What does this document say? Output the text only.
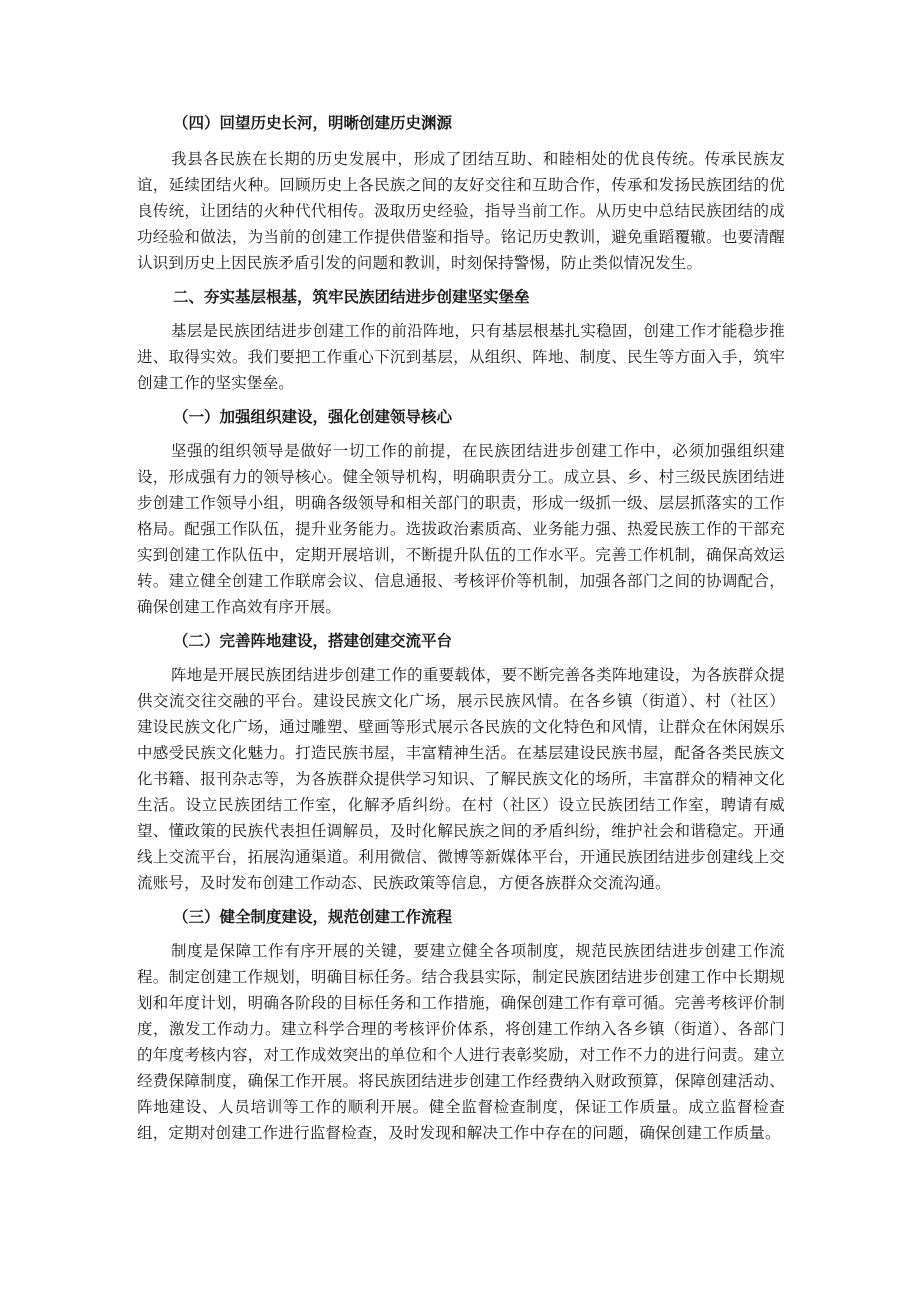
（四）回望历史长河，明晰创建历史渊源

我县各民族在长期的历史发展中，形成了团结互助、和睦相处的优良传统。传承民族友谊，延续团结火种。回顾历史上各民族之间的友好交往和互助合作，传承和发扬民族团结的优良传统，让团结的火种代代相传。汲取历史经验，指导当前工作。从历史中总结民族团结的成功经验和做法，为当前的创建工作提供借鉴和指导。铭记历史教训，避免重蹈覆辙。也要清醒认识到历史上因民族矛盾引发的问题和教训，时刻保持警惕，防止类似情况发生。

二、夯实基层根基，筑牢民族团结进步创建坚实堡垒

基层是民族团结进步创建工作的前沿阵地，只有基层根基扎实稳固，创建工作才能稳步推进、取得实效。我们要把工作重心下沉到基层，从组织、阵地、制度、民生等方面入手，筑牢创建工作的坚实堡垒。

（一）加强组织建设，强化创建领导核心

坚强的组织领导是做好一切工作的前提，在民族团结进步创建工作中，必须加强组织建设，形成强有力的领导核心。健全领导机构，明确职责分工。成立县、乡、村三级民族团结进步创建工作领导小组，明确各级领导和相关部门的职责，形成一级抓一级、层层抓落实的工作格局。配强工作队伍，提升业务能力。选拔政治素质高、业务能力强、热爱民族工作的干部充实到创建工作队伍中，定期开展培训，不断提升队伍的工作水平。完善工作机制，确保高效运转。建立健全创建工作联席会议、信息通报、考核评价等机制，加强各部门之间的协调配合，确保创建工作高效有序开展。

（二）完善阵地建设，搭建创建交流平台

阵地是开展民族团结进步创建工作的重要载体，要不断完善各类阵地建设，为各族群众提供交流交往交融的平台。建设民族文化广场，展示民族风情。在各乡镇（街道）、村（社区）建设民族文化广场，通过雕塑、壁画等形式展示各民族的文化特色和风情，让群众在休闲娱乐中感受民族文化魅力。打造民族书屋，丰富精神生活。在基层建设民族书屋，配备各类民族文化书籍、报刊杂志等，为各族群众提供学习知识、了解民族文化的场所，丰富群众的精神文化生活。设立民族团结工作室，化解矛盾纠纷。在村（社区）设立民族团结工作室，聘请有威望、懂政策的民族代表担任调解员，及时化解民族之间的矛盾纠纷，维护社会和谐稳定。开通线上交流平台，拓展沟通渠道。利用微信、微博等新媒体平台，开通民族团结进步创建线上交流账号，及时发布创建工作动态、民族政策等信息，方便各族群众交流沟通。

（三）健全制度建设，规范创建工作流程

制度是保障工作有序开展的关键，要建立健全各项制度，规范民族团结进步创建工作流程。制定创建工作规划，明确目标任务。结合我县实际，制定民族团结进步创建工作中长期规划和年度计划，明确各阶段的目标任务和工作措施，确保创建工作有章可循。完善考核评价制度，激发工作动力。建立科学合理的考核评价体系，将创建工作纳入各乡镇（街道）、各部门的年度考核内容，对工作成效突出的单位和个人进行表彰奖励，对工作不力的进行问责。建立经费保障制度，确保工作开展。将民族团结进步创建工作经费纳入财政预算，保障创建活动、阵地建设、人员培训等工作的顺利开展。健全监督检查制度，保证工作质量。成立监督检查组，定期对创建工作进行监督检查，及时发现和解决工作中存在的问题，确保创建工作质量。
